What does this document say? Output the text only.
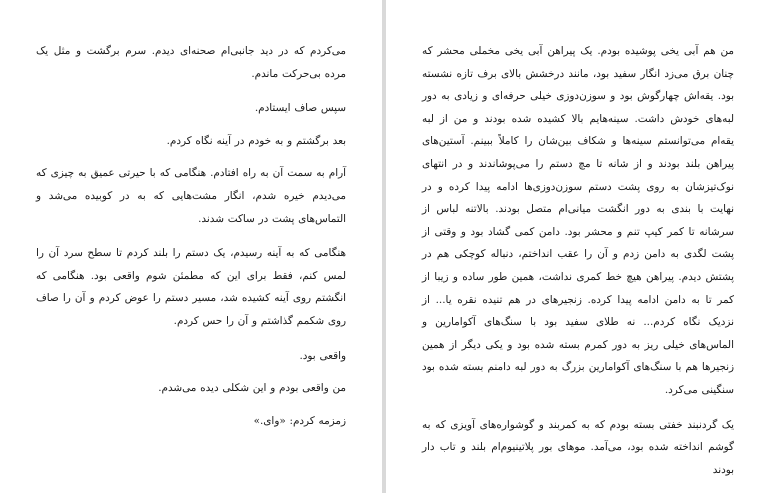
می‌کردم که در دید جانبی‌ام صحنه‌ای دیدم. سرم برگشت و مثل یک مرده بی‌حرکت ماندم.

سپس صاف ایستادم.

بعد برگشتم و به خودم در آینه نگاه کردم.

آرام به سمت آن به راه افتادم. هنگامی که با حیرتی عمیق به چیزی که می‌دیدم خیره شدم، انگار مشت‌هایی که به در کوبیده می‌شد و التماس‌های پشت در ساکت شدند.

هنگامی که به آینه رسیدم، یک دستم را بلند کردم تا سطح سرد آن را لمس کنم، فقط برای این که مطمئن شوم واقعی بود. هنگامی که انگشتم روی آینه کشیده شد، مسیر دستم را عوض کردم و آن را صاف روی شکمم گذاشتم و آن را حس کردم.

واقعی بود.

من واقعی بودم و این شکلی دیده می‌شدم.

زمزمه کردم: «وای.»

من هم آبی یخی پوشیده بودم. یک پیراهن آبی یخی مخملی محشر که چنان برق می‌زد انگار سفید بود، مانند درخشش بالای برف تازه نشسته بود. یقه‌اش چهارگوش بود و سوزن‌دوزی خیلی حرفه‌ای و زیادی به دور لبه‌های خودش داشت. سینه‌هایم بالا کشیده شده بودند و من از لبه یقه‌ام می‌توانستم سینه‌ها و شکاف بین‌شان را کاملاً ببینم. آستین‌های پیراهن بلند بودند و از شانه تا مچ دستم را می‌پوشاندند و در انتهای نوک‌تیزشان به روی پشت دستم سوزن‌دوزی‌ها ادامه پیدا کرده و در نهایت با بندی به دور انگشت میانی‌ام متصل بودند. بالاتنه لباس از سرشانه تا کمر کیپ تنم و محشر بود. دامن کمی گشاد بود و وقتی از پشت لگدی به دامن زدم و آن را عقب انداختم، دنباله کوچکی هم در پشتش دیدم. پیراهن هیچ خط کمری نداشت، همین طور ساده و زیبا از کمر تا به دامن ادامه پیدا کرده. زنجیرهای در هم تنیده نقره یا... از نزدیک نگاه کردم... نه طلای سفید بود با سنگ‌های آکوامارین و الماس‌های خیلی ریز به دور کمرم بسته شده بود و یکی دیگر از همین زنجیرها هم با سنگ‌های آکوامارین بزرگ به دور لبه دامنم بسته شده بود سنگینی می‌کرد.

یک گردنبند خفتی بسته بودم که به کمربند و گوشواره‌های آویزی که به گوشم انداخته شده بود، می‌آمد. موهای بور پلاتینیوم‌ام بلند و تاب دار بودند
